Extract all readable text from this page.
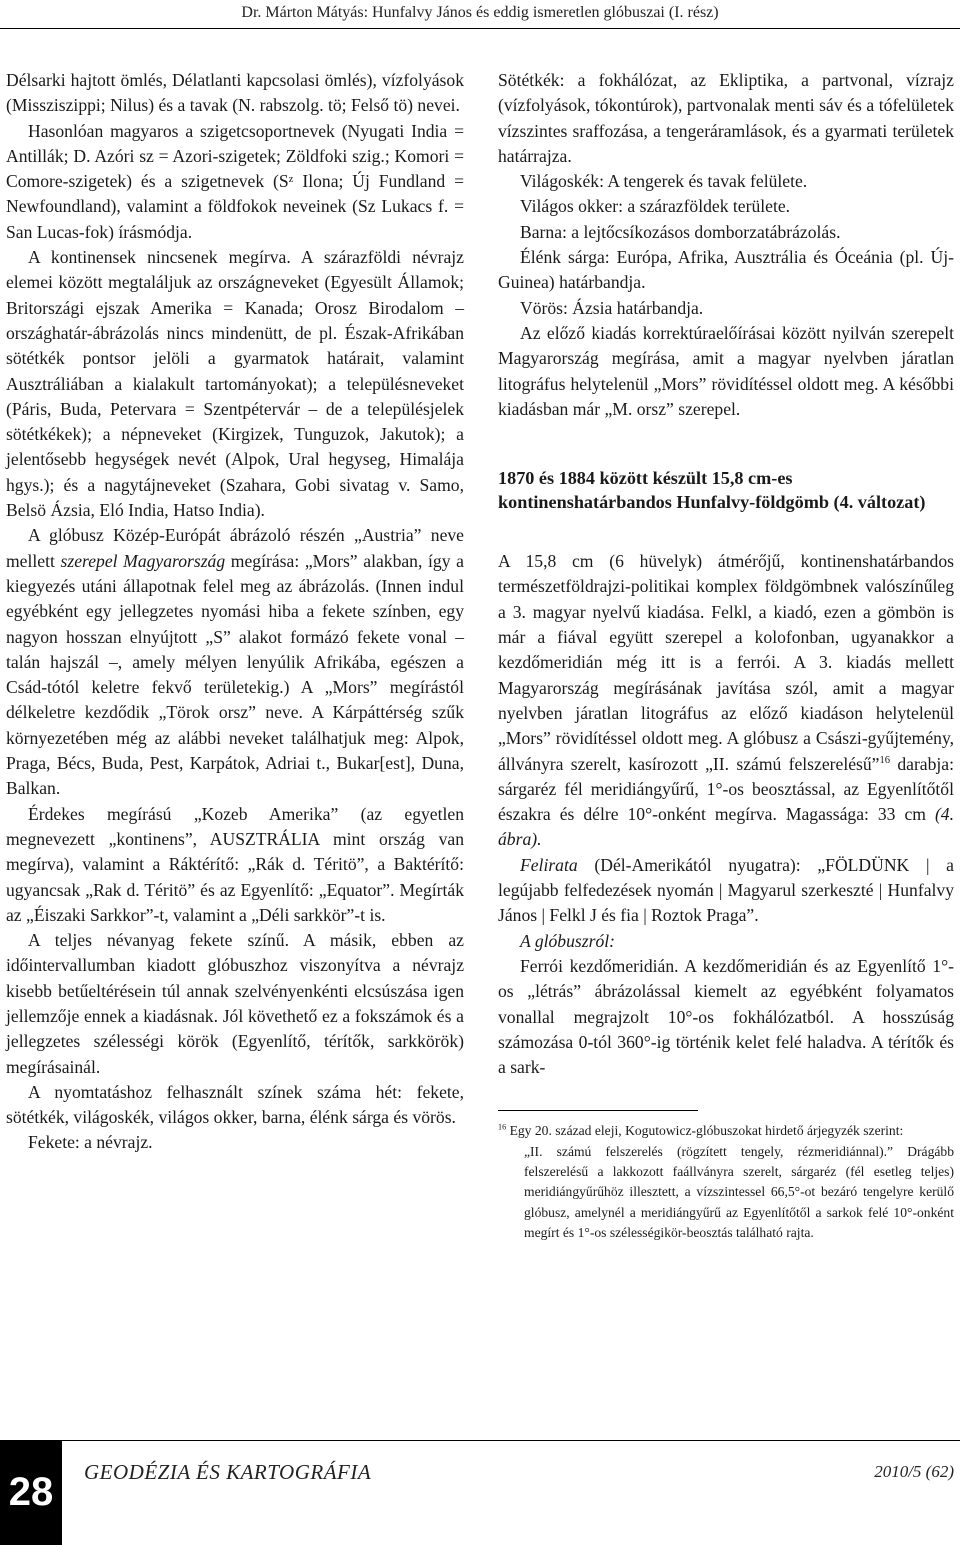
Dr. Márton Mátyás: Hunfalvy János és eddig ismeretlen glóbuszai (I. rész)

Délsarki hajtott ömlés, Délatlanti kapcsolasi ömlés), vízfolyások (Missziszippi; Nilus) és a tavak (N. rabszolg. tö; Felső tö) nevei.

Hasonlóan magyaros a szigetcsoportnevek (Nyugati India = Antillák; D. Azóri sz = Azori-szigetek; Zöldfoki szig.; Komori = Comore-szigetek) és a szigetnevek (Sᶻ Ilona; Új Fundland = Newfoundland), valamint a földfokok neveinek (Sz Lukacs f. = San Lucas-fok) írásmódja.

A kontinensek nincsenek megírva. A szárazföldi névrajz elemei között megtaláljuk az országneveket (Egyesült Államok; Britországi ejszak Amerika = Kanada; Orosz Birodalom –országhatár-ábrázolás nincs mindenütt, de pl. Észak-Afrikában sötétkék pontsor jelöli a gyarmatok határait, valamint Ausztráliában a kialakult tartományokat); a településneveket (Páris, Buda, Petervara = Szentpétervár – de a településjelek sötétkékek); a népneveket (Kirgizek, Tunguzok, Jakutok); a jelentősebb hegységek nevét (Alpok, Ural hegyseg, Himalája hgys.); és a nagytájneveket (Szahara, Gobi sivatag v. Samo, Belsö Ázsia, Eló India, Hatso India).

A glóbusz Közép-Európát ábrázoló részén „Austria” neve mellett szerepel Magyarország megírása: „Mors” alakban, így a kiegyezés utáni állapotnak felel meg az ábrázolás. (Innen indul egyébként egy jellegzetes nyomási hiba a fekete színben, egy nagyon hosszan elnyújtott „S” alakot formázó fekete vonal – talán hajszál –, amely mélyen lenyúlik Afrikába, egészen a Csád-tótól keletre fekvő területekig.) A „Mors” megírástól délkeletre kezdődik „Törok orsz” neve. A Kárpáttérség szűk környezetében még az alábbi neveket találhatjuk meg: Alpok, Praga, Bécs, Buda, Pest, Karpátok, Adriai t., Bukar[est], Duna, Balkan.

Érdekes megírású „Kozeb Amerika” (az egyetlen megnevezett „kontinens”, AUSZTRÁLIA mint ország van megírva), valamint a Ráktérítő: „Rák d. Téritö”, a Baktérítő: ugyancsak „Rak d. Téritö” és az Egyenlítő: „Equator”. Megírták az „Éiszaki Sarkkor”-t, valamint a „Déli sarkkör”-t is.

A teljes névanyag fekete színű. A másik, ebben az időintervallumban kiadott glóbuszhoz viszonyítva a névrajz kisebb betűeltérésein túl annak szelvényenkénti elcsúszása igen jellemzője ennek a kiadásnak. Jól követhető ez a fokszámok és a jellegzetes szélességi körök (Egyenlítő, térítők, sarkkörök) megírásainál.

A nyomtatáshoz felhasznált színek száma hét: fekete, sötétkék, világoskék, világos okker, barna, élénk sárga és vörös.

Fekete: a névrajz.

Sötétkék: a fokhálózat, az Ekliptika, a partvonal, vízrajz (vízfolyások, tókontúrok), partvonalak menti sáv és a tófelületek vízszintes sraffozása, a tengeráramlások, és a gyarmati területek határrajza.

Világoskék: A tengerek és tavak felülete.

Világos okker: a szárazföldek területe.

Barna: a lejtőcsíkozásos domborzatábrázolás.

Élénk sárga: Európa, Afrika, Ausztrália és Óceánia (pl. Új-Guinea) határbandja.

Vörös: Ázsia határbandja.

Az előző kiadás korrektúraelőírásai között nyilván szerepelt Magyarország megírása, amit a magyar nyelvben járatlan litográfus helytelenül „Mors” rövidítéssel oldott meg. A későbbi kiadásban már „M. orsz” szerepel.

1870 és 1884 között készült 15,8 cm-es kontinenshatárbandos Hunfalvy-földgömb (4. változat)

A 15,8 cm (6 hüvelyk) átmérőjű, kontinenshatárbandos természetföldrajzi-politikai komplex földgömbnek valószínűleg a 3. magyar nyelvű kiadása. Felkl, a kiadó, ezen a gömbön is már a fiával együtt szerepel a kolofonban, ugyanakkor a kezdőmeridián még itt is a ferrói. A 3. kiadás mellett Magyarország megírásának javítása szól, amit a magyar nyelvben járatlan litográfus az előző kiadáson helytelenül „Mors” rövidítéssel oldott meg. A glóbusz a Császi-gyűjtemény, állványra szerelt, kasírozott „II. számú felszerelésű”$^{16}$ darabja: sárgaréz fél meridiángyűrű, 1°-os beosztással, az Egyenlítőtől északra és délre 10°-onként megírva. Magassága: 33 cm (4. ábra).

Felirata (Dél-Amerikától nyugatra): „FÖLDÜNK | a legújabb felfedezések nyomán | Magyarul szerkeszté | Hunfalvy János | Felkl J és fia | Roztok Praga”.

A glóbuszról:

Ferrói kezdőmeridián. A kezdőmeridián és az Egyenlítő 1°-os „létrás” ábrázolással kiemelt az egyébként folyamatos vonallal megrajzolt 10°-os fokhálózatból. A hosszúság számozása 0-tól 360°-ig történik kelet felé haladva. A térítők és a sark-

$^{16}$ Egy 20. század eleji, Kogutowicz-glóbuszokat hirdető árjegyzék szerint:

„II. számú felszerelés (rögzített tengely, rézmeridiánnal).” Drágább felszerelésű a lakkozott faállványra szerelt, sárgaréz (fél esetleg teljes) meridiángyűrűhöz illesztett, a vízszintessel 66,5°-ot bezáró tengelyre kerülő glóbusz, amelynél a meridiángyűrű az Egyenlítőtől a sarkok felé 10°-onként megírt és 1°-os szélességikör-beosztás található rajta.

28	GEODÉZIA ÉS KARTOGRÁFIA	2010/5 (62)
